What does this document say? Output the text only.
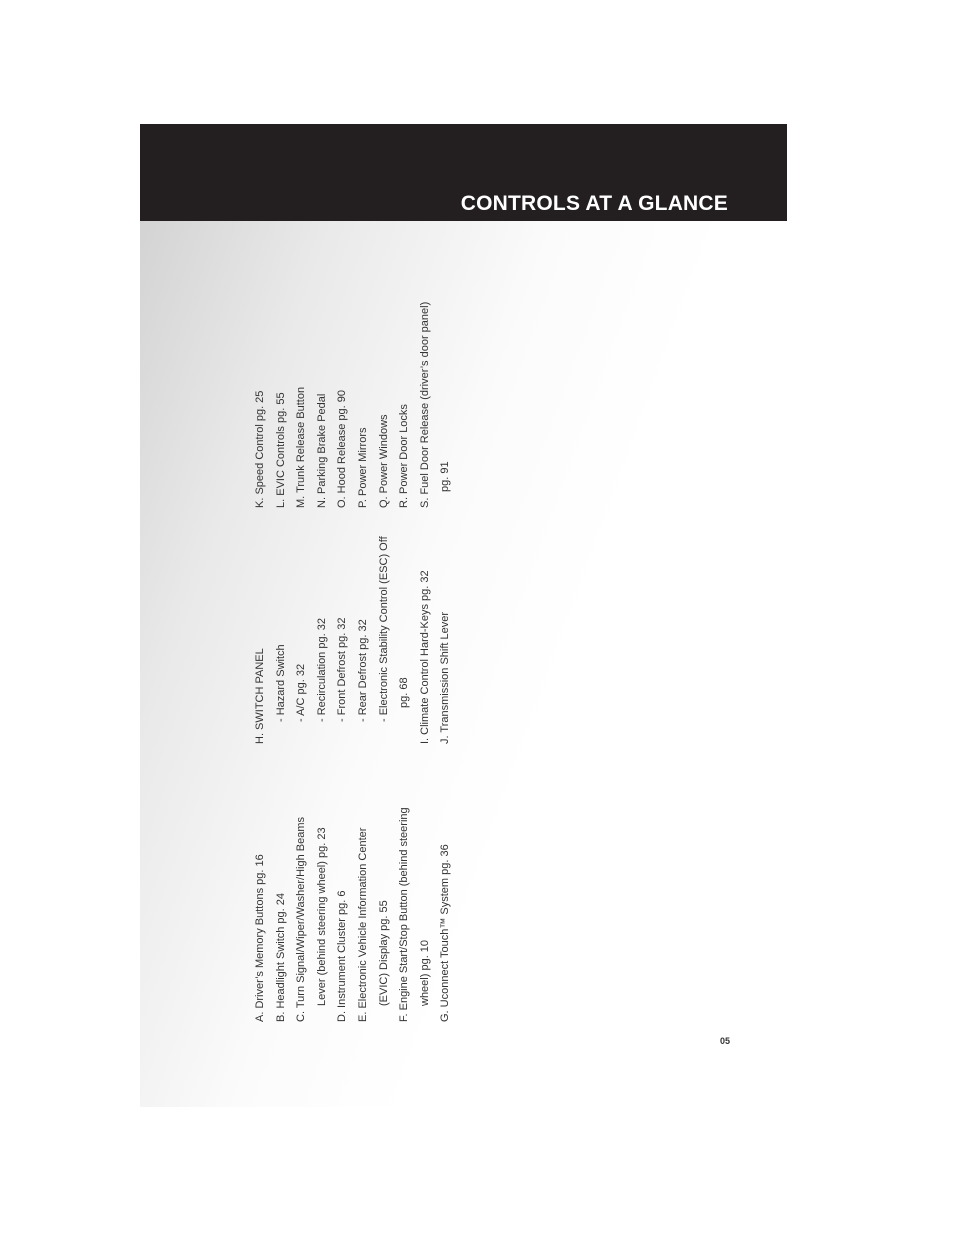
CONTROLS AT A GLANCE
A. Driver’s Memory Buttons pg. 16 B. Headlight Switch pg. 24 C. Turn Signal/Wiper/Washer/High Beams Lever (behind steering wheel) pg. 23 D. Instrument Cluster pg. 6 E. Electronic Vehicle Information Center (EVIC) Display pg. 55 F. Engine Start/Stop Button (behind steering wheel) pg. 10 G. Uconnect Touch™ System pg. 36
H. SWITCH PANEL - Hazard Switch - A/C pg. 32 - Recirculation pg. 32 - Front Defrost pg. 32 - Rear Defrost pg. 32 - Electronic Stability Control (ESC) Off pg. 68 I. Climate Control Hard-Keys pg. 32 J. Transmission Shift Lever
K. Speed Control pg. 25 L. EVIC Controls pg. 55 M. Trunk Release Button N. Parking Brake Pedal O. Hood Release pg. 90 P. Power Mirrors Q. Power Windows R. Power Door Locks S. Fuel Door Release (driver’s door panel) pg. 91
05
